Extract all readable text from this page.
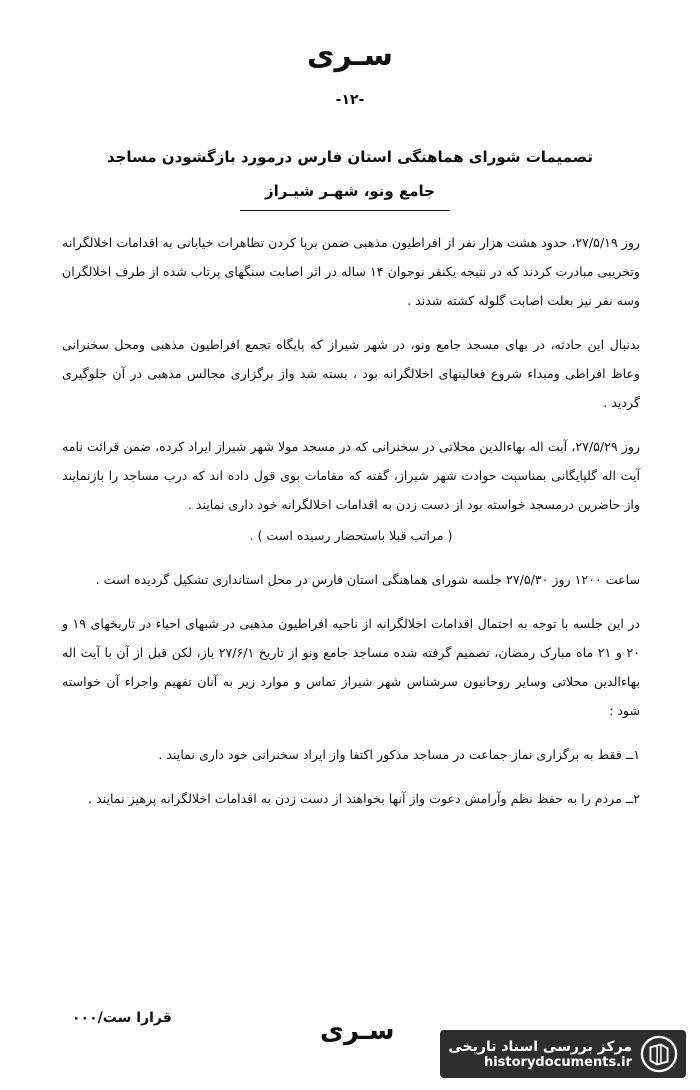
سـری
-۱۲-
تصمیمات شورای هماهنگی استان فارس درمورد بازگشودن مساجد
جامع ونو، شهـر شیـراز

روز ۲۷/۵/۱۹، حدود هشت هزار نفر از افراطیون مذهبی ضمن برپا کردن تظاهرات خیابانی به اقدامات اخلالگرانه وتخریبی مبادرت کردند که در نتیجه یکنفر نوجوان ۱۴ ساله در اثر اصابت سنگهای پرتاب شده از طرف اخلالگران وسه نفر نیز بعلت اصابت گلوله کشته شدند .

بدنبال این حادثه، در بهای مسجد جامع ونو، در شهر شیراز که پایگاه تجمع افراطیون مذهبی ومحل سخنرانی وعاظ افراطی ومبداء شروع فعالیتهای اخلالگرانه بود ، بسته شد واز برگزاری مجالس مذهبی در آن جلوگیری گردید .

روز ۲۷/۵/۲۹، آیت اله بهاءالدین محلاتی در سخنرانی که در مسجد مولا شهر شیراز ایراد کرده، ضمن قرائت نامه آیت اله گلپایگانی بمناسبت حوادث شهر شیراز، گفته که مقامات بوی قول داده اند که درب مساجد را بازنمایند واز حاضرین درمسجد خواسته بود از دست زدن به اقدامات اخلالگرانه خود داری نمایند .

( مراتب قبلا باستحضار رسیده است ) .

ساعت ۱۲۰۰ روز ۲۷/۵/۳۰ جلسه شورای هماهنگی استان فارس در محل استانداری تشکیل گردیده است .

در این جلسه با توجه به احتمال اقدامات اخلالگرانه از ناحیه افراطیون مذهبی در شبهای احیاء در تاریخهای ۱۹ و ۲۰ و ۲۱ ماه مبارک رمضان، تصمیم گرفته شده مساجد جامع ونو از تاریخ ۲۷/۶/۱ باز، لکن قبل از آن با آیت اله بهاءالدین محلاتی وسایر روحانیون سرشناس شهر شیراز تماس و موارد زیر به آنان تفهیم واجراء آن خواسته شود :

۱ــ فقط به برگزاری نماز جماعت در مساجد مذکور اکتفا واز ایراد سخنرانی خود داری نمایند .

۲ــ مردم را به حفظ نظم وآرامش دعوت واز آنها بخواهند از دست زدن به اقدامات اخلالگرانه پرهیز نمایند .

قرارا ست/۰۰۰	سـری
مرکز بررسی اسناد تاریخی
historydocuments.ir
